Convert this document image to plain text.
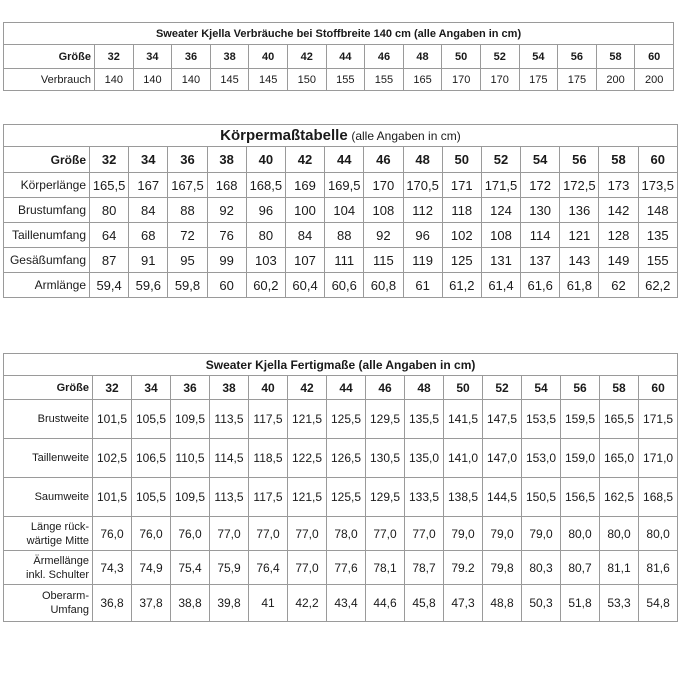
Sweater Kjella Verbräuche bei Stoffbreite 140 cm (alle Angaben in cm)															
Größe	32	34	36	38	40	42	44	46	48	50	52	54	56	58	60
Verbrauch	140	140	140	145	145	150	155	155	165	170	170	175	175	200	200
Körpermaßtabelle (alle Angaben in cm)															
Größe	32	34	36	38	40	42	44	46	48	50	52	54	56	58	60
Körperlänge	165,5	167	167,5	168	168,5	169	169,5	170	170,5	171	171,5	172	172,5	173	173,5
Brustumfang	80	84	88	92	96	100	104	108	112	118	124	130	136	142	148
Taillenumfang	64	68	72	76	80	84	88	92	96	102	108	114	121	128	135
Gesäßumfang	87	91	95	99	103	107	111	115	119	125	131	137	143	149	155
Armlänge	59,4	59,6	59,8	60	60,2	60,4	60,6	60,8	61	61,2	61,4	61,6	61,8	62	62,2
Sweater Kjella Fertigmaße (alle Angaben in cm)															
Größe	32	34	36	38	40	42	44	46	48	50	52	54	56	58	60
Brustweite	101,5	105,5	109,5	113,5	117,5	121,5	125,5	129,5	135,5	141,5	147,5	153,5	159,5	165,5	171,5
Taillenweite	102,5	106,5	110,5	114,5	118,5	122,5	126,5	130,5	135,0	141,0	147,0	153,0	159,0	165,0	171,0
Saumweite	101,5	105,5	109,5	113,5	117,5	121,5	125,5	129,5	133,5	138,5	144,5	150,5	156,5	162,5	168,5
Länge rück-
wärtige Mitte	76,0	76,0	76,0	77,0	77,0	77,0	78,0	77,0	77,0	79,0	79,0	79,0	80,0	80,0	80,0
Ärmellänge
inkl. Schulter	74,3	74,9	75,4	75,9	76,4	77,0	77,6	78,1	78,7	79.2	79,8	80,3	80,7	81,1	81,6
Oberarm-
Umfang	36,8	37,8	38,8	39,8	41	42,2	43,4	44,6	45,8	47,3	48,8	50,3	51,8	53,3	54,8
